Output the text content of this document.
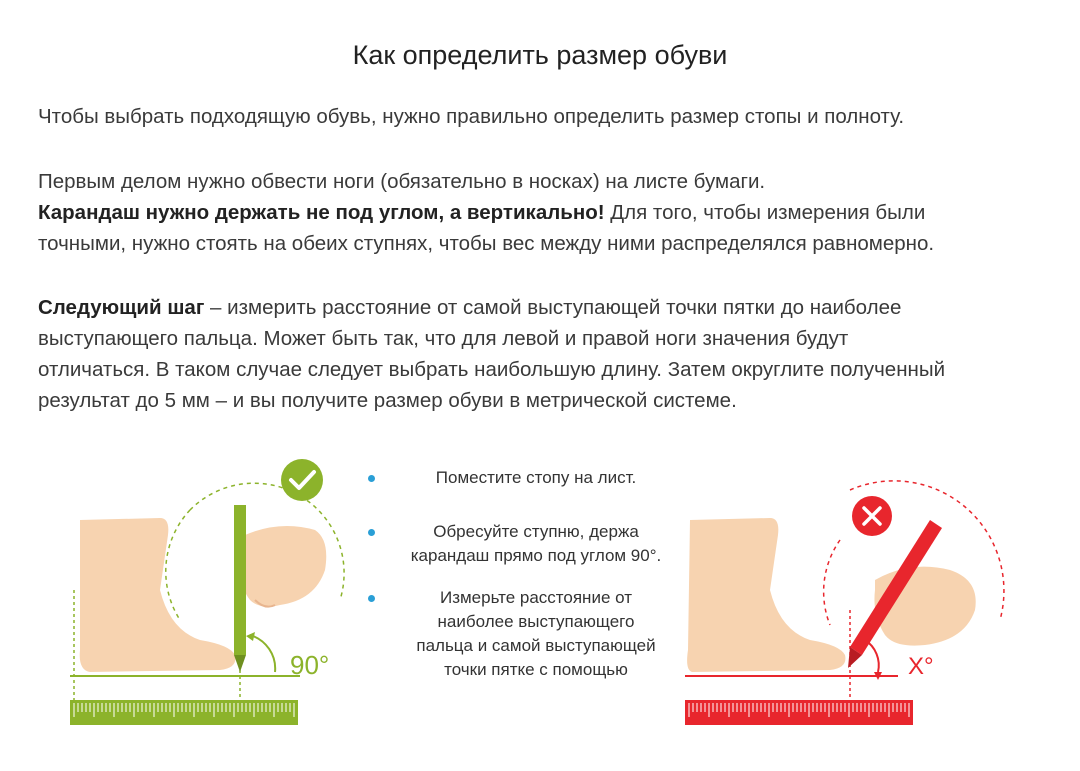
Как определить размер обуви
Чтобы выбрать подходящую обувь, нужно правильно определить размер стопы и полноту.
Первым делом нужно обвести ноги (обязательно в носках) на листе бумаги.
Карандаш нужно держать не под углом, а вертикально! Для того, чтобы измерения были
точными, нужно стоять на обеих ступнях, чтобы вес между ними распределялся равномерно.
Следующий шаг – измерить расстояние от самой выступающей точки пятки до наиболее
выступающего пальца. Может быть так, что для левой и правой ноги значения будут
отличаться. В таком случае следует выбрать наибольшую длину. Затем округлите полученный
результат до 5 мм – и вы получите размер обуви в метрической системе.
90°
Поместите стопу на лист.
Обресуйте ступню, держа
карандаш прямо под углом 90°.
Измерьте расстояние от
наиболее выступающего
пальца и самой выступающей
точки пятке с помощью	X°
